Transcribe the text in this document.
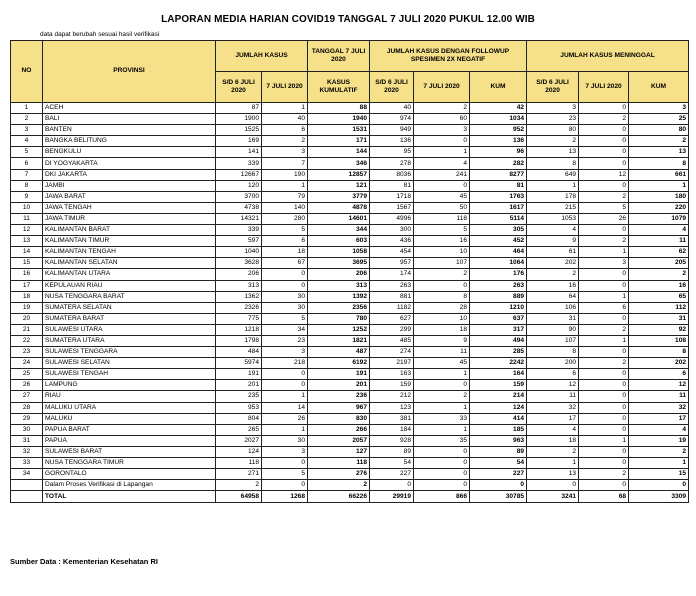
LAPORAN MEDIA HARIAN COVID19 TANGGAL 7 JULI 2020 PUKUL 12.00 WIB
data dapat berubah sesuai hasil verifikasi
NO	PROVINSI	JUMLAH KASUS		TANGGAL 7 JULI 2020	JUMLAH KASUS DENGAN FOLLOWUP SPESIMEN 2X NEGATIF			JUMLAH KASUS MENINGGAL		
		S/D 6 JULI 2020	7 JULI 2020	KASUS KUMULATIF	S/D 6 JULI 2020	7 JULI 2020	KUM	S/D 6 JULI 2020	7 JULI 2020	KUM
1	ACEH	87	1	88	40	2	42	3	0	3
2	BALI	1900	40	1940	974	60	1034	23	2	25
3	BANTEN	1525	6	1531	949	3	952	80	0	80
4	BANGKA BELITUNG	169	2	171	136	0	136	2	0	2
5	BENGKULU	141	3	144	95	1	96	13	0	13
6	DI YOGYAKARTA	339	7	346	278	4	282	8	0	8
7	DKI JAKARTA	12667	190	12857	8036	241	8277	649	12	661
8	JAMBI	120	1	121	81	0	81	1	0	1
9	JAWA BARAT	3700	79	3779	1718	45	1763	178	2	180
10	JAWA TENGAH	4738	140	4878	1567	50	1617	215	5	220
11	JAWA TIMUR	14321	280	14601	4996	118	5114	1053	26	1079
12	KALIMANTAN BARAT	339	5	344	300	5	305	4	0	4
13	KALIMANTAN TIMUR	597	6	603	436	16	452	9	2	11
14	KALIMANTAN TENGAH	1040	18	1058	454	10	464	61	1	62
15	KALIMANTAN SELATAN	3628	67	3695	957	107	1064	202	3	205
16	KALIMANTAN UTARA	206	0	206	174	2	176	2	0	2
17	KEPULAUAN RIAU	313	0	313	263	0	263	16	0	16
18	NUSA TENGGARA BARAT	1362	30	1392	881	8	889	64	1	65
19	SUMATERA SELATAN	2326	30	2356	1182	28	1210	106	6	112
20	SUMATERA BARAT	775	5	780	627	10	637	31	0	31
21	SULAWESI UTARA	1218	34	1252	299	18	317	90	2	92
22	SUMATERA UTARA	1798	23	1821	485	9	494	107	1	108
23	SULAWESI TENGGARA	484	3	487	274	11	285	8	0	8
24	SULAWESI SELATAN	5974	218	6192	2197	45	2242	200	2	202
25	SULAWESI TENGAH	191	0	191	163	1	164	6	0	6
26	LAMPUNG	201	0	201	159	0	159	12	0	12
27	RIAU	235	1	236	212	2	214	11	0	11
28	MALUKU UTARA	953	14	967	123	1	124	32	0	32
29	MALUKU	804	26	830	381	33	414	17	0	17
30	PAPUA BARAT	265	1	266	184	1	185	4	0	4
31	PAPUA	2027	30	2057	928	35	963	18	1	19
32	SULAWESI BARAT	124	3	127	89	0	89	2	0	2
33	NUSA TENGGARA TIMUR	118	0	118	54	0	54	1	0	1
34	GORONTALO	271	5	276	227	0	227	13	2	15
	Dalam Proses Verifikasi di Lapangan	2	0	2	0	0	0	0	0	0
	TOTAL	64958	1268	66226	29919	866	30785	3241	68	3309
Sumber Data : Kementerian Kesehatan RI
